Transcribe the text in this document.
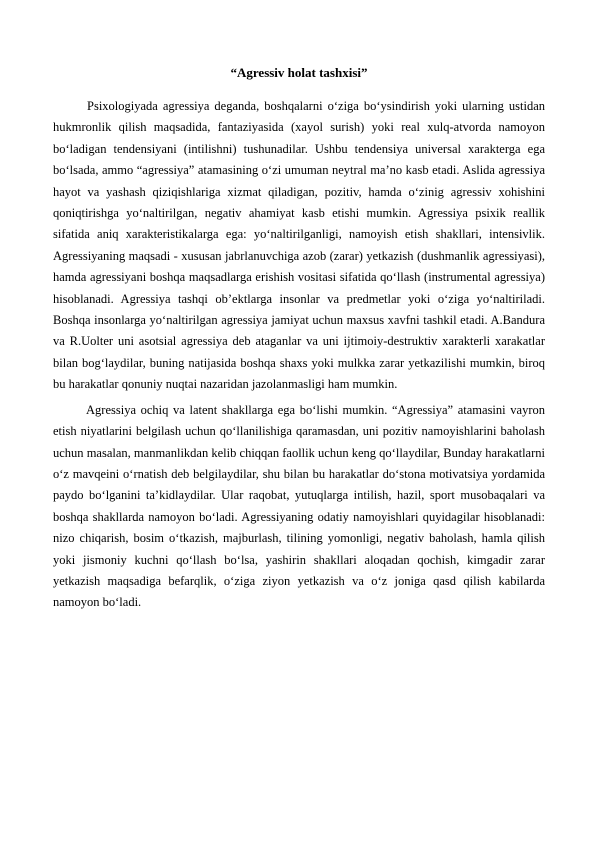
“Agressiv holat tashxisi”

Psixologiyada agressiya deganda, boshqalarni o‘ziga bo‘ysindirish yoki ularning ustidan hukmronlik qilish maqsadida, fantaziyasida (xayol surish) yoki real xulq-atvorda namoyon bo‘ladigan tendensiyani (intilishni) tushunadilar. Ushbu tendensiya universal xarakterga ega bo‘lsada, ammo “agressiya” atamasining o‘zi umuman neytral ma’no kasb etadi. Aslida agressiya hayot va yashash qiziqishlariga xizmat qiladigan, pozitiv, hamda o‘zinig agressiv xohishini qoniqtirishga yo‘naltirilgan, negativ ahamiyat kasb etishi mumkin. Agressiya psixik reallik sifatida aniq xarakteristikalarga ega: yo‘naltirilganligi, namoyish etish shakllari, intensivlik. Agressiyaning maqsadi - xususan jabrlanuvchiga azob (zarar) yetkazish (dushmanlik agressiyasi), hamda agressiyani boshqa maqsadlarga erishish vositasi sifatida qo‘llash (instrumental agressiya) hisoblanadi. Agressiya tashqi ob’ektlarga insonlar va predmetlar yoki o‘ziga yo‘naltiriladi. Boshqa insonlarga yo‘naltirilgan agressiya jamiyat uchun maxsus xavfni tashkil etadi. A.Bandura va R.Uolter uni asotsial agressiya deb ataganlar va uni ijtimoiy-destruktiv xarakterli xarakatlar bilan bog‘laydilar, buning natijasida boshqa shaxs yoki mulkka zarar yetkazilishi mumkin, biroq bu harakatlar qonuniy nuqtai nazaridan jazolanmasligi ham mumkin.

Agressiya ochiq va latent shakllarga ega bo‘lishi mumkin. “Agressiya” atamasini vayron etish niyatlarini belgilash uchun qo‘llanilishiga qaramasdan, uni pozitiv namoyishlarini baholash uchun masalan, manmanlikdan kelib chiqqan faollik uchun keng qo‘llaydilar, Bunday harakatlarni o‘z mavqeini o‘rnatish deb belgilaydilar, shu bilan bu harakatlar do‘stona motivatsiya yordamida paydo bo‘lganini ta’kidlaydilar. Ular raqobat, yutuqlarga intilish, hazil, sport musobaqalari va boshqa shakllarda namoyon bo‘ladi. Agressiyaning odatiy namoyishlari quyidagilar hisoblanadi: nizo chiqarish, bosim o‘tkazish, majburlash, tilining yomonligi, negativ baholash, hamla qilish yoki jismoniy kuchni qo‘llash bo‘lsa, yashirin shakllari aloqadan qochish, kimgadir zarar yetkazish maqsadiga befarqlik, o‘ziga ziyon yetkazish va o‘z joniga qasd qilish kabilarda namoyon bo‘ladi.
